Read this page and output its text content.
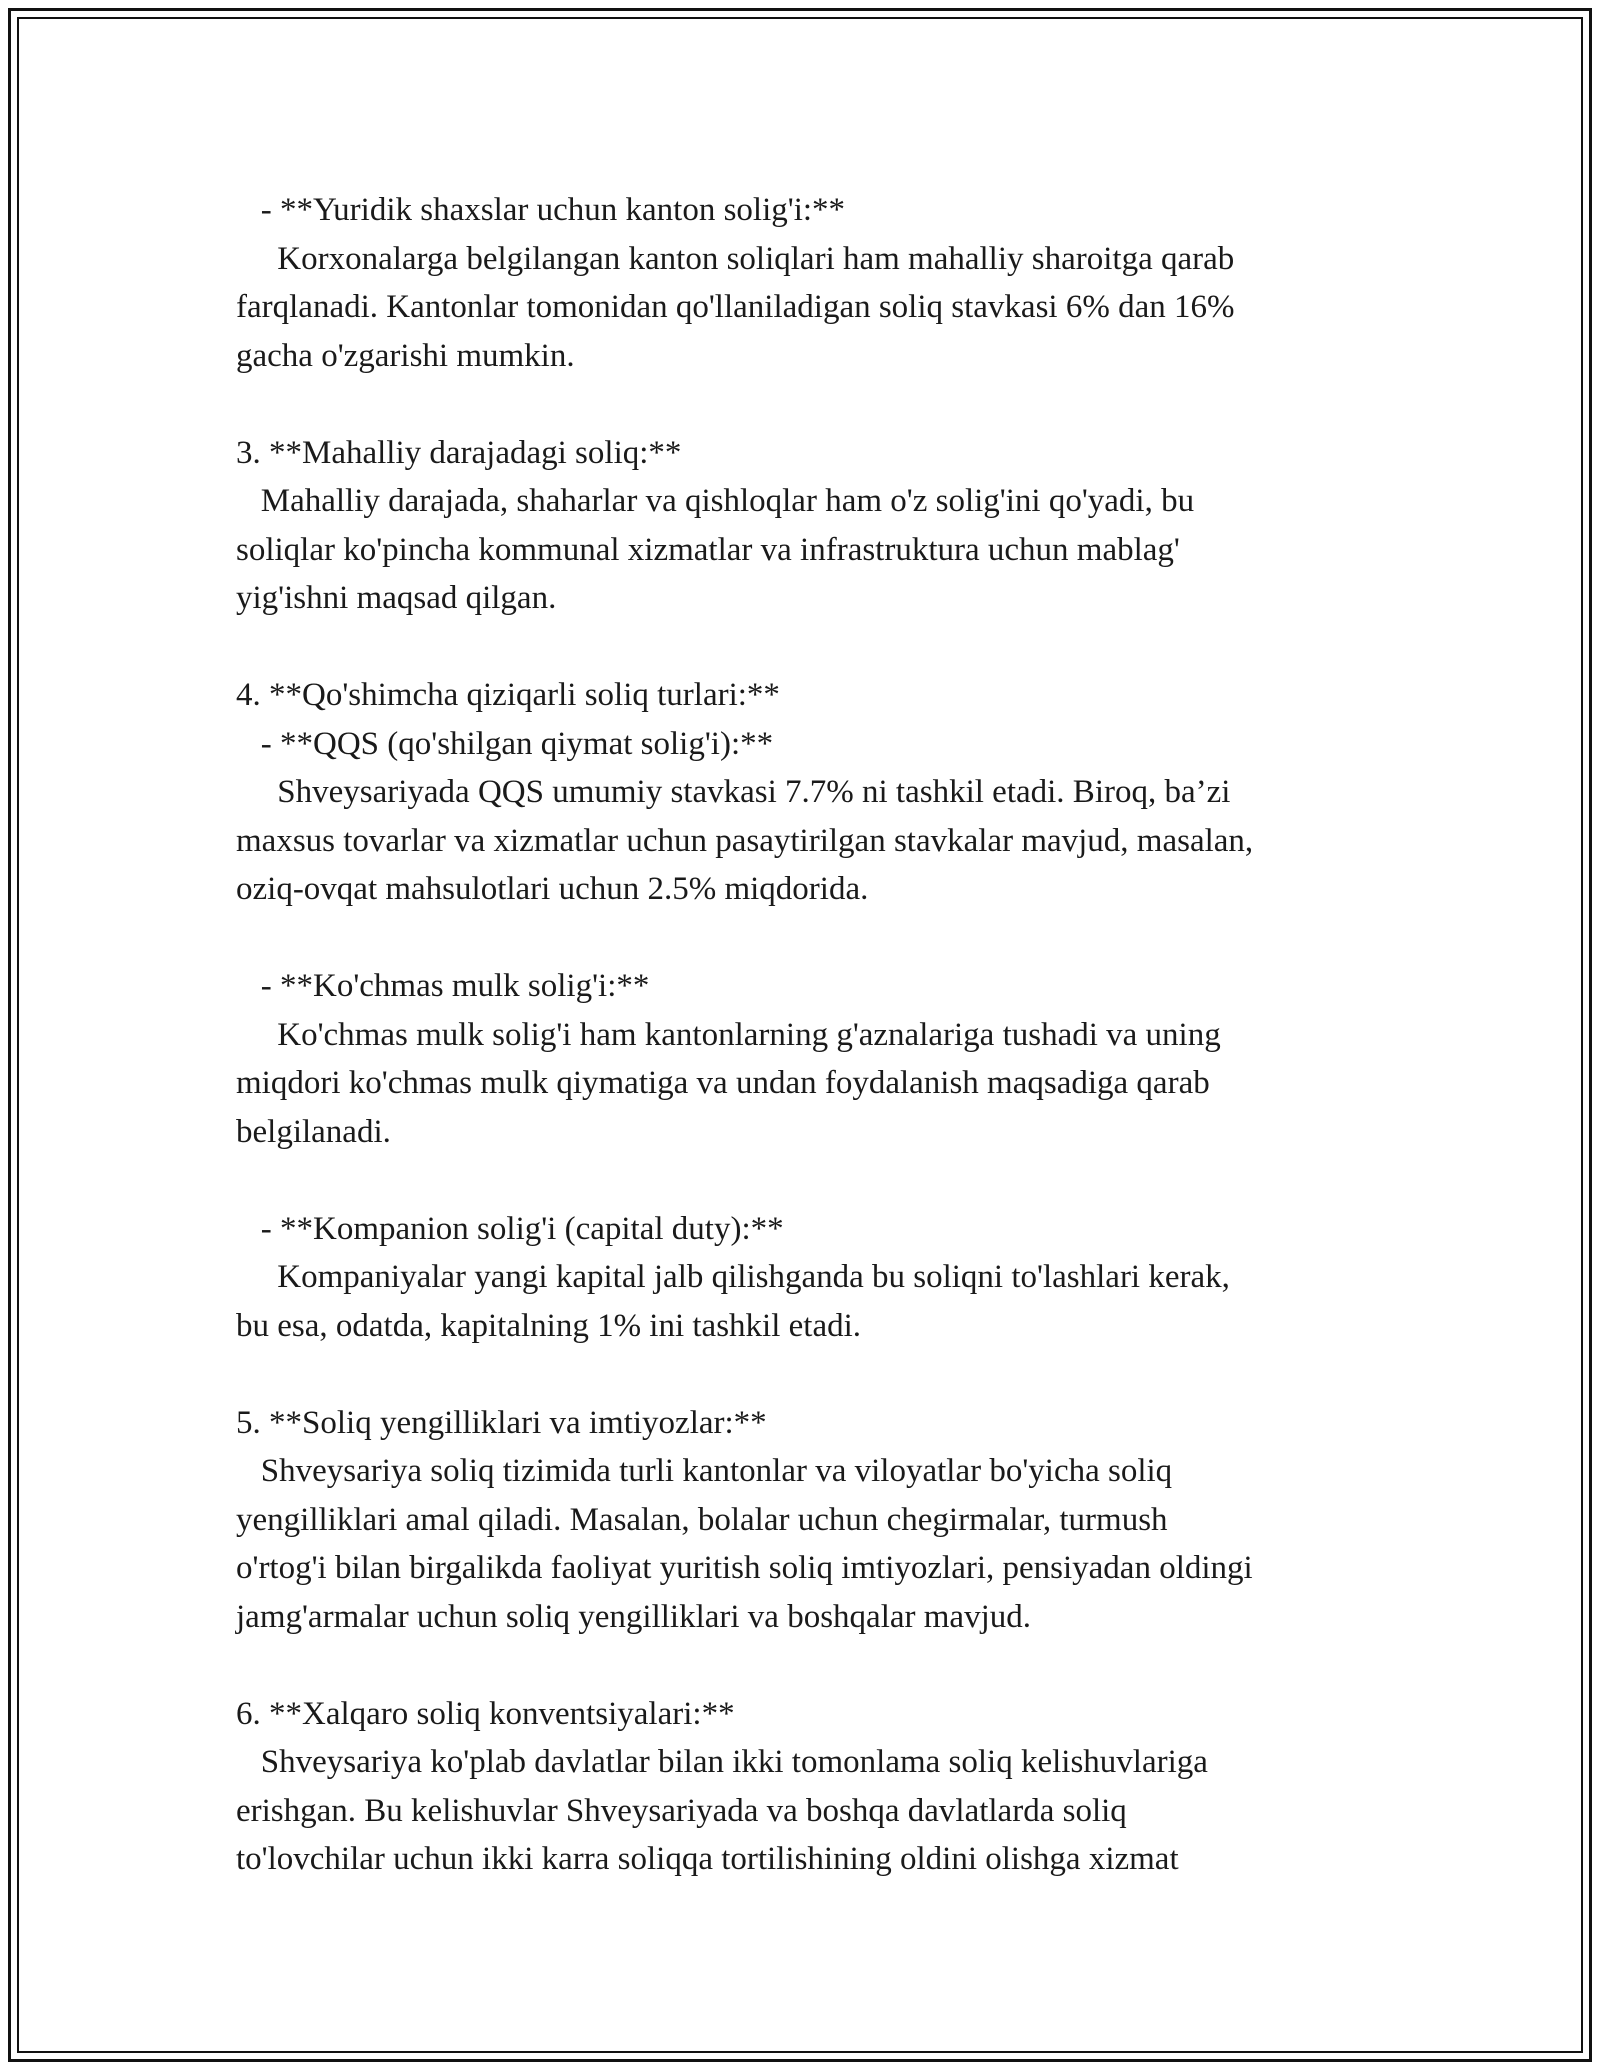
- **Yuridik shaxslar uchun kanton solig'i:**
Korxonalarga belgilangan kanton soliqlari ham mahalliy sharoitga qarab
farqlanadi. Kantonlar tomonidan qo'llaniladigan soliq stavkasi 6% dan 16%
gacha o'zgarishi mumkin.
3. **Mahalliy darajadagi soliq:**
Mahalliy darajada, shaharlar va qishloqlar ham o'z solig'ini qo'yadi, bu
soliqlar ko'pincha kommunal xizmatlar va infrastruktura uchun mablag'
yig'ishni maqsad qilgan.
4. **Qo'shimcha qiziqarli soliq turlari:**
- **QQS (qo'shilgan qiymat solig'i):**
Shveysariyada QQS umumiy stavkasi 7.7% ni tashkil etadi. Biroq, ba’zi
maxsus tovarlar va xizmatlar uchun pasaytirilgan stavkalar mavjud, masalan,
oziq-ovqat mahsulotlari uchun 2.5% miqdorida.
- **Ko'chmas mulk solig'i:**
Ko'chmas mulk solig'i ham kantonlarning g'aznalariga tushadi va uning
miqdori ko'chmas mulk qiymatiga va undan foydalanish maqsadiga qarab
belgilanadi.
- **Kompanion solig'i (capital duty):**
Kompaniyalar yangi kapital jalb qilishganda bu soliqni to'lashlari kerak,
bu esa, odatda, kapitalning 1% ini tashkil etadi.
5. **Soliq yengilliklari va imtiyozlar:**
Shveysariya soliq tizimida turli kantonlar va viloyatlar bo'yicha soliq
yengilliklari amal qiladi. Masalan, bolalar uchun chegirmalar, turmush
o'rtog'i bilan birgalikda faoliyat yuritish soliq imtiyozlari, pensiyadan oldingi
jamg'armalar uchun soliq yengilliklari va boshqalar mavjud.
6. **Xalqaro soliq konventsiyalari:**
Shveysariya ko'plab davlatlar bilan ikki tomonlama soliq kelishuvlariga
erishgan. Bu kelishuvlar Shveysariyada va boshqa davlatlarda soliq
to'lovchilar uchun ikki karra soliqqa tortilishining oldini olishga xizmat
